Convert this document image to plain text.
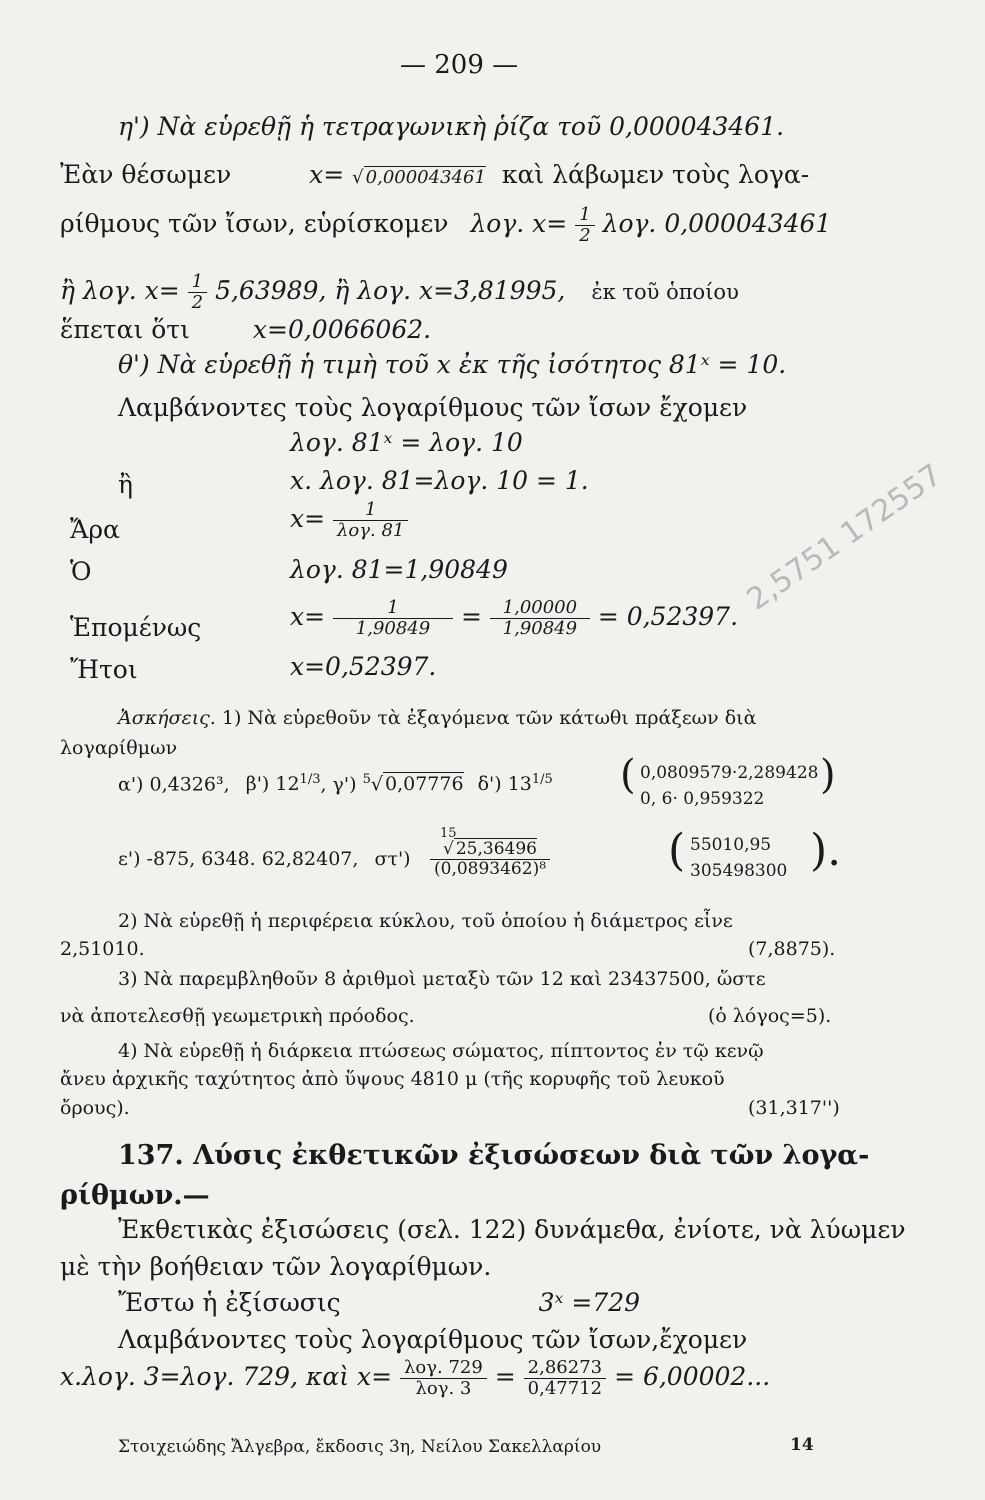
— 209 —
η') Νὰ εὑρεθῇ ἡ τετραγωνικὴ ῥίζα τοῦ 0,000043461.
Ἐὰν θέσωμεν	x= √ 0,000043461 καὶ λάβωμεν τοὺς λογα-
ρίθμους τῶν ἴσων, εὑρίσκομεν λογ. $x= \frac{1}{2} \lambda o\gamma$. 0,000043461
ἢ λογ. $x= \frac{1}{2}$ 5̄,63989, ἢ λογ. x=3̄,81995, ἐκ τοῦ ὁποίου
ἕπεται ὅτι	x=0,0066062.
θ') Νὰ εὑρεθῇ ἡ τιμὴ τοῦ x ἐκ τῆς ἰσότητος 81ˣ = 10.
Λαμβάνοντες τοὺς λογαρίθμους τῶν ἴσων ἔχομεν
λογ. 81ˣ = λογ. 10
ἢ	x. λογ. 81=λογ. 10 = 1.
Ἄρα	$x= \frac{1}{\text{λογ. 81}}$
Ὁ	λογ. 81=1,90849
Ἑπομένως	$x= \frac{1}{1,90849} = \frac{1,00000}{1,90849} = 0,52397$.
Ἤτοι	x=0,52397.
Ἀσκήσεις. 1) Νὰ εὑρεθοῦν τὰ ἐξαγόμενα τῶν κάτωθι πράξεων διὰ
λογαρίθμων
α') 0,4326³, β') $12^{1/3}$, γ') $^5$√ 0,07776 δ') $13^{1/5}$ ( 0,0809579·2,289428
0, 6· 0,959322
)
ε') -875, 6348. 62,82407, στ')
15
$\frac{√ 25,36496}{\text{(0,0893462)⁸}}$	( 55010,95
305498300 ).
2) Νὰ εὑρεθῇ ἡ περιφέρεια κύκλου, τοῦ ὁποίου ἡ διάμετρος εἶνε
2,51010.	(7,8875).
3) Νὰ παρεμβληθοῦν 8 ἀριθμοὶ μεταξὺ τῶν 12 καὶ 23437500, ὥστε
νὰ ἀποτελεσθῇ γεωμετρικὴ πρόοδος.	(ὁ λόγος=5).
4) Νὰ εὑρεθῇ ἡ διάρκεια πτώσεως σώματος, πίπτοντος ἐν τῷ κενῷ
ἄνευ ἀρχικῆς ταχύτητος ἀπὸ ὕψους 4810 μ (τῆς κορυφῆς τοῦ λευκοῦ
ὄρους).	(31,317'')
137. Λύσις ἐκθετικῶν ἐξισώσεων διὰ τῶν λογα-
ρίθμων.—
Ἐκθετικὰς ἐξισώσεις (σελ. 122) δυνάμεθα, ἐνίοτε, νὰ λύωμεν
μὲ τὴν βοήθειαν τῶν λογαρίθμων.
Ἔστω ἡ ἐξίσωσις	3ˣ =729
Λαμβάνοντες τοὺς λογαρίθμους τῶν ἴσων,ἔχομεν
x.λογ. 3=λογ. 729, καὶ $x= \frac{\text{λογ. 729}}{\text{λογ. 3}} = \frac{2,86273}{0,47712} = 6,00002$...
Στοιχειώδης Ἄλγεβρα, ἔκδοσις 3η, Νείλου Σακελλαρίου	14
2,5751 172557
